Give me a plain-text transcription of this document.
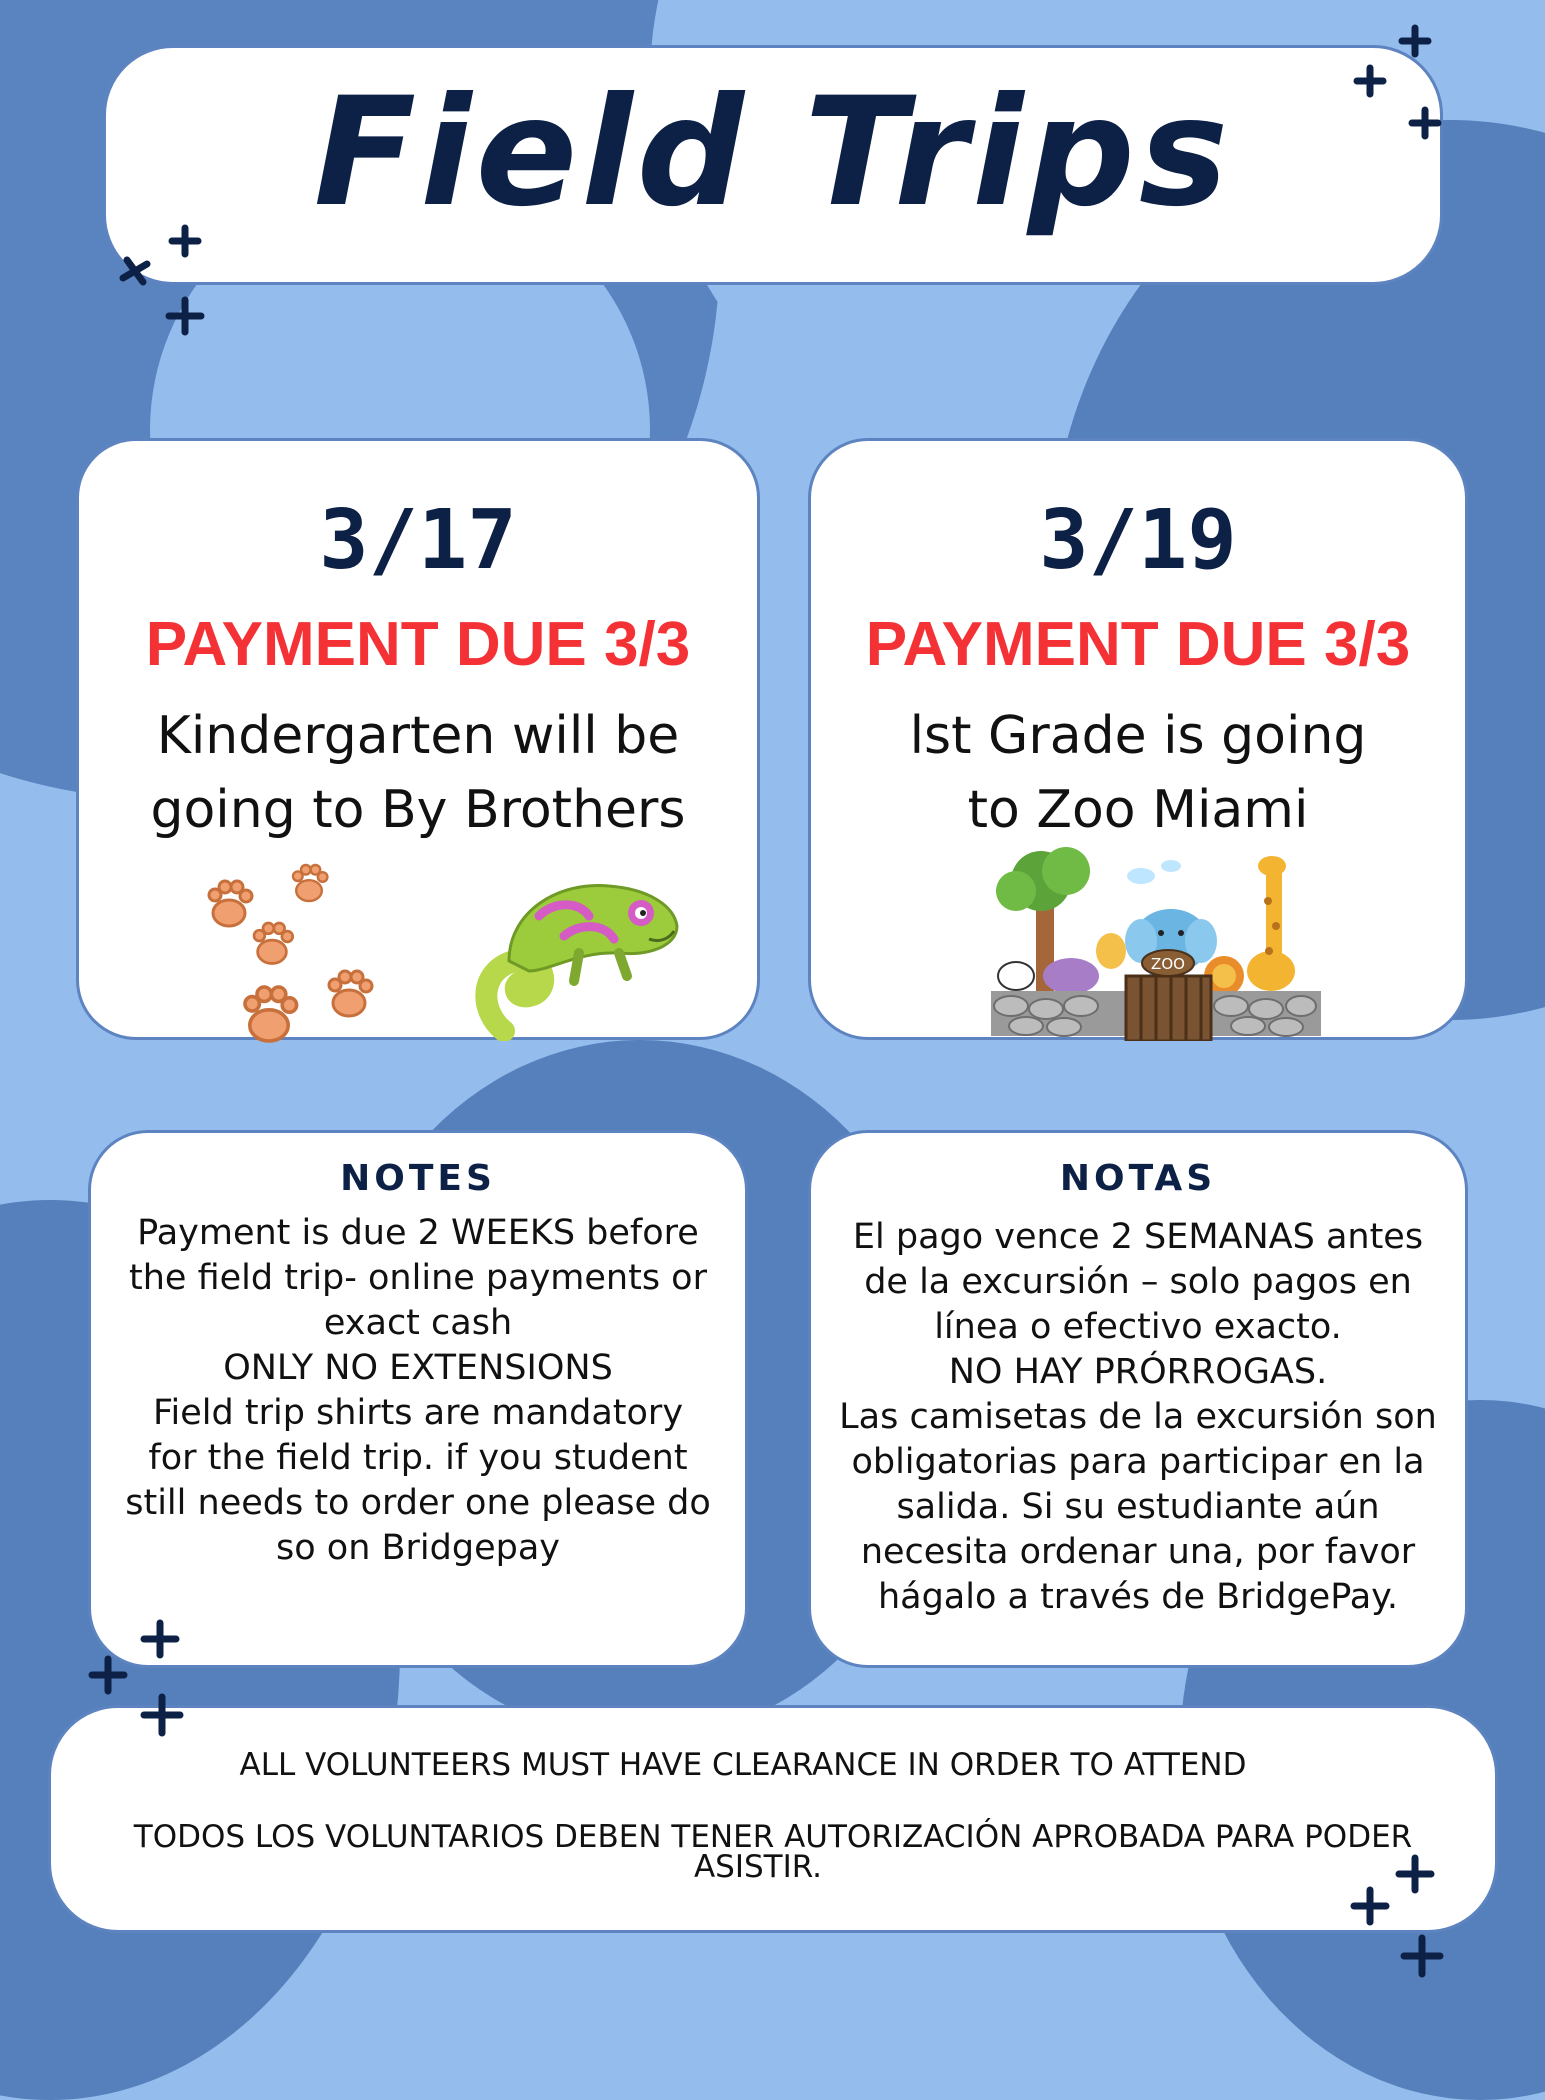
Field Trips
3/17
PAYMENT DUE 3/3
Kindergarten will be
going to By Brothers
3/19
PAYMENT DUE 3/3
lst Grade is going
to Zoo Miami
ZOO
NOTES
Payment is due 2 WEEKS before
the field trip- online payments or
exact cash
ONLY NO EXTENSIONS
Field trip shirts are mandatory
for the field trip. if you student
still needs to order one please do
so on Bridgepay
NOTAS
El pago vence 2 SEMANAS antes
de la excursión – solo pagos en
línea o efectivo exacto.
NO HAY PRÓRROGAS.
Las camisetas de la excursión son
obligatorias para participar en la
salida. Si su estudiante aún
necesita ordenar una, por favor
hágalo a través de BridgePay.
ALL VOLUNTEERS MUST HAVE CLEARANCE IN ORDER TO ATTEND
TODOS LOS VOLUNTARIOS DEBEN TENER AUTORIZACIÓN APROBADA PARA PODER
ASISTIR.
